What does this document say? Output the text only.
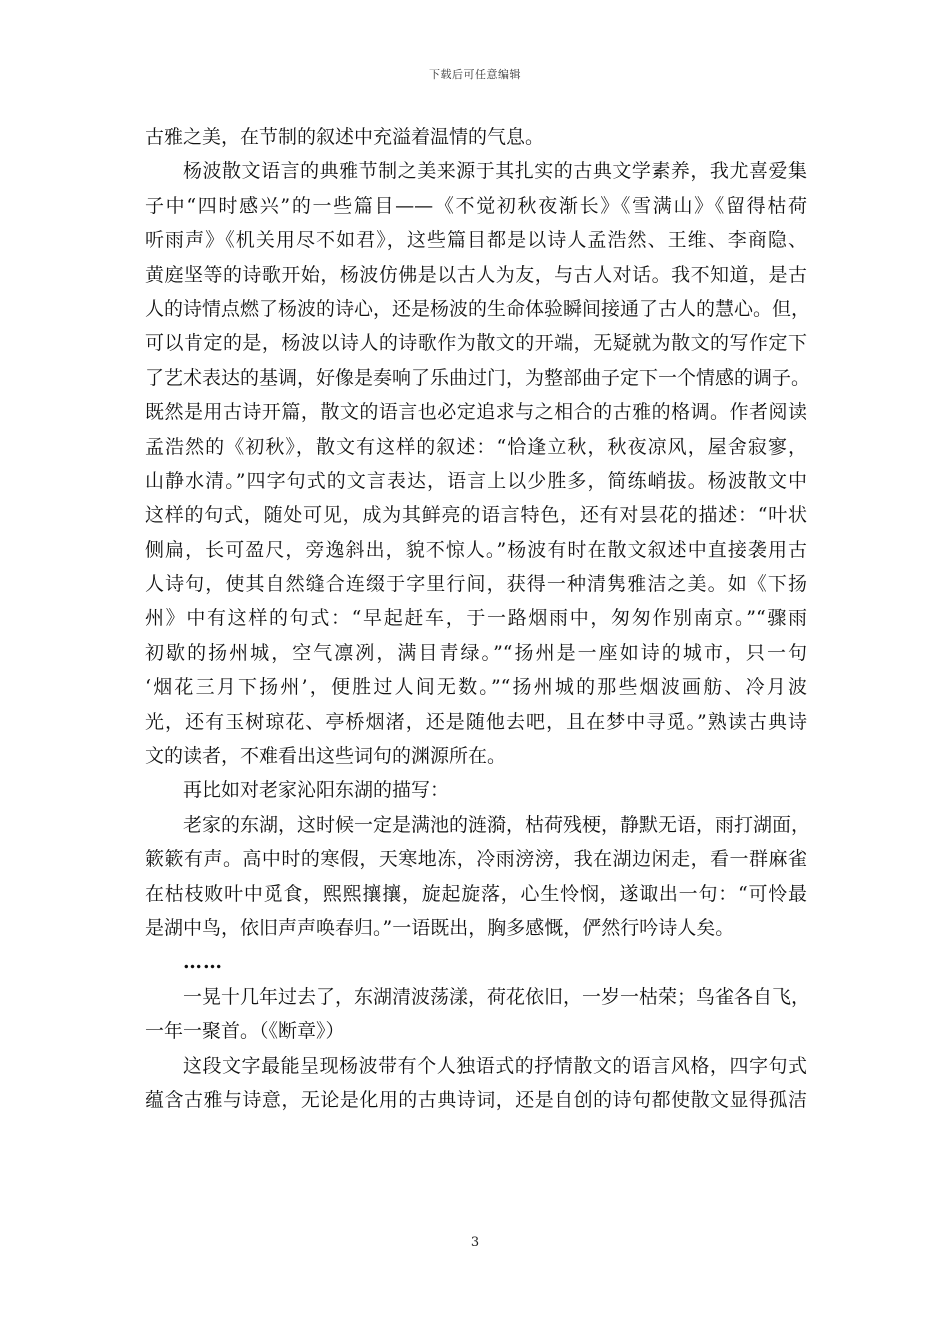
下载后可任意编辑
古雅之美，在节制的叙述中充溢着温情的气息。
杨波散文语言的典雅节制之美来源于其扎实的古典文学素养，我尤喜爱集
子中“四时感兴”的一些篇目——《不觉初秋夜渐长》《雪满山》《留得枯荷
听雨声》《机关用尽不如君》，这些篇目都是以诗人孟浩然、王维、李商隐、
黄庭坚等的诗歌开始，杨波仿佛是以古人为友，与古人对话。我不知道，是古
人的诗情点燃了杨波的诗心，还是杨波的生命体验瞬间接通了古人的慧心。但，
可以肯定的是，杨波以诗人的诗歌作为散文的开端，无疑就为散文的写作定下
了艺术表达的基调，好像是奏响了乐曲过门，为整部曲子定下一个情感的调子。
既然是用古诗开篇，散文的语言也必定追求与之相合的古雅的格调。作者阅读
孟浩然的《初秋》，散文有这样的叙述：“恰逢立秋，秋夜凉风，屋舍寂寥，
山静水清。”四字句式的文言表达，语言上以少胜多，简练峭拔。杨波散文中
这样的句式，随处可见，成为其鲜亮的语言特色，还有对昙花的描述：“叶状
侧扁，长可盈尺，旁逸斜出，貌不惊人。”杨波有时在散文叙述中直接袭用古
人诗句，使其自然缝合连缀于字里行间，获得一种清隽雅洁之美。如《下扬
州》中有这样的句式：“早起赶车，于一路烟雨中，匆匆作别南京。”“骤雨
初歇的扬州城，空气凛冽，满目青绿。”“扬州是一座如诗的城市，只一句
‘烟花三月下扬州’，便胜过人间无数。”“扬州城的那些烟波画舫、冷月波
光，还有玉树琼花、亭桥烟渚，还是随他去吧，且在梦中寻觅。”熟读古典诗
文的读者，不难看出这些词句的渊源所在。
再比如对老家沁阳东湖的描写：
老家的东湖，这时候一定是满池的涟漪，枯荷残梗，静默无语，雨打湖面，
簌簌有声。高中时的寒假，天寒地冻，冷雨滂滂，我在湖边闲走，看一群麻雀
在枯枝败叶中觅食，熙熙攘攘，旋起旋落，心生怜悯，遂诹出一句：“可怜最
是湖中鸟，依旧声声唤春归。”一语既出，胸多感慨，俨然行吟诗人矣。
……
一晃十几年过去了，东湖清波荡漾，荷花依旧，一岁一枯荣；鸟雀各自飞，
一年一聚首。（《断章》）
这段文字最能呈现杨波带有个人独语式的抒情散文的语言风格，四字句式
蕴含古雅与诗意，无论是化用的古典诗词，还是自创的诗句都使散文显得孤洁
3
